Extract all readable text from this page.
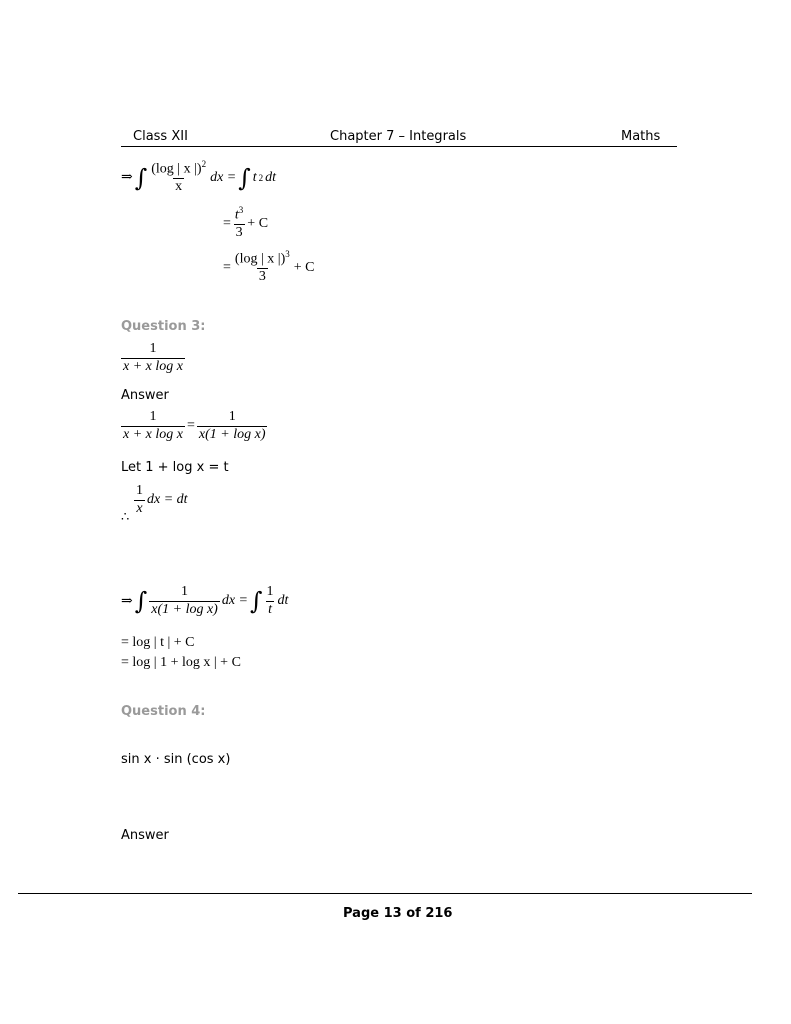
Class XII	Chapter 7 – Integrals	Maths
⇒ ∫ $\frac{(\log | x |)^2}{x}$ dx = ∫ t 2 dt
= $\frac{t^3}{3} + C$
= $\frac{(\log | x |)^3}{3} + C$
Question 3:
$\frac{1}{\text{x + x log x}}$
Answer
$\frac{1}{\text{x + x log x}} = \frac{1}{\text{x(1 + log x)}}$
Let 1 + log x = t
$\frac{1}{x}$ dx = dt
∴
⇒ ∫ $\frac{1}{\text{x(1 + log x)}}$ dx = ∫ $\frac{1}{t}$ dt
= log | t | + C
= log | 1 + log x | + C
Question 4:
sin x · sin (cos x)
Answer
Page 13 of 216
